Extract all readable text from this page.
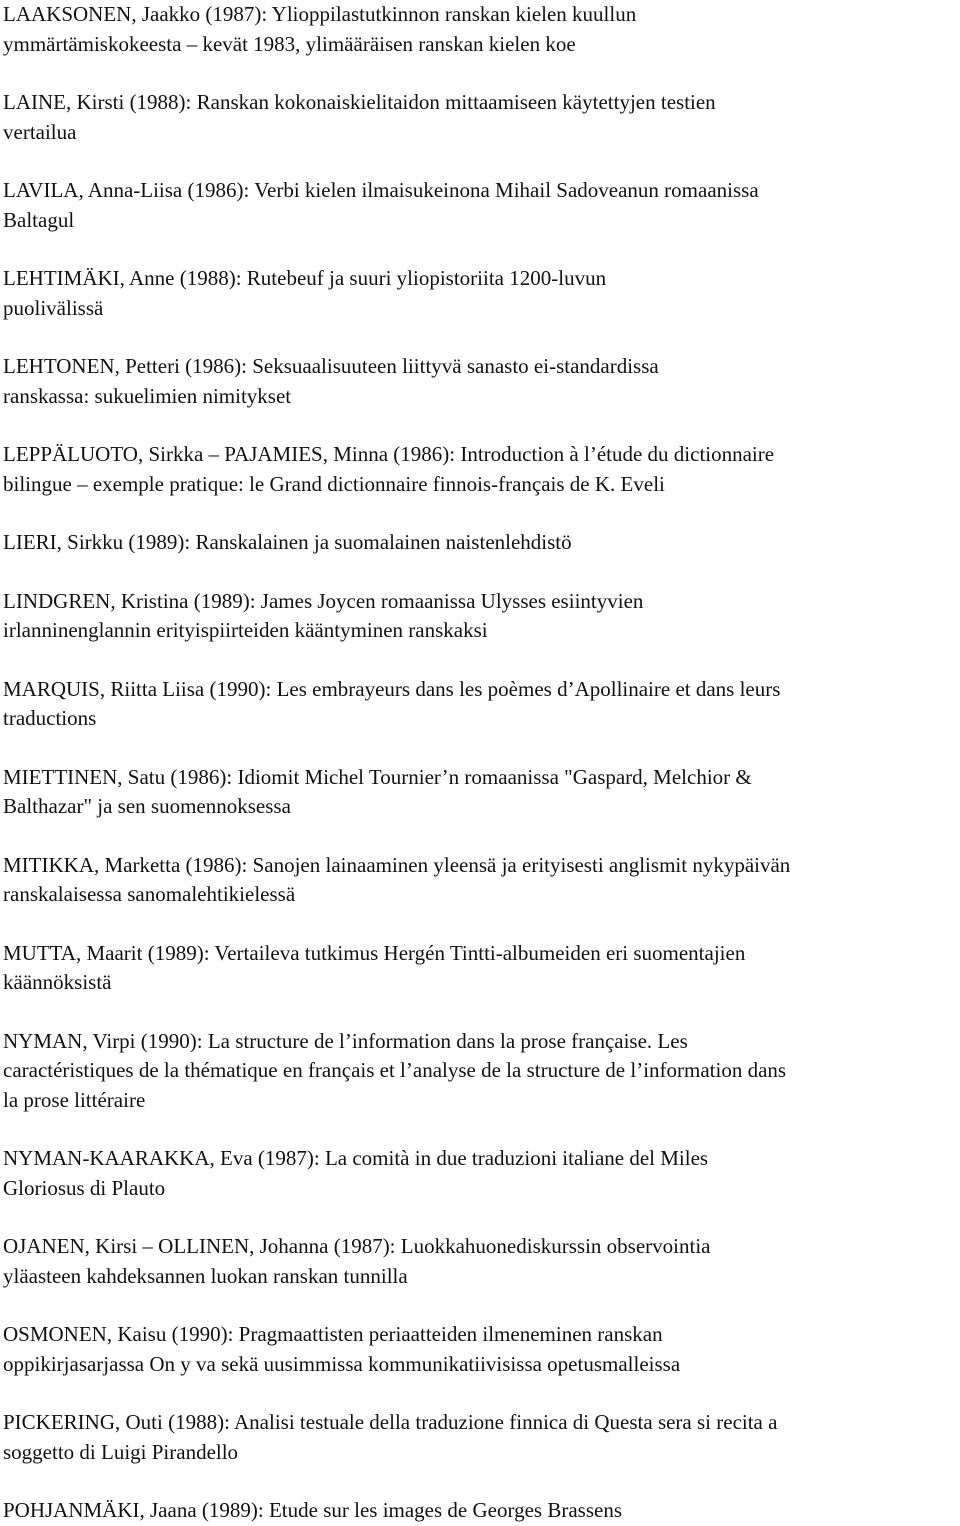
LAAKSONEN, Jaakko (1987): Ylioppilastutkinnon ranskan kielen kuullun
ymmärtämiskokeesta – kevät 1983, ylimääräisen ranskan kielen koe

LAINE, Kirsti (1988): Ranskan kokonaiskielitaidon mittaamiseen käytettyjen testien
vertailua

LAVILA, Anna-Liisa (1986): Verbi kielen ilmaisukeinona Mihail Sadoveanun romaanissa
Baltagul

LEHTIMÄKI, Anne (1988): Rutebeuf ja suuri yliopistoriita 1200-luvun
puolivälissä

LEHTONEN, Petteri (1986): Seksuaalisuuteen liittyvä sanasto ei-standardissa
ranskassa: sukuelimien nimitykset

LEPPÄLUOTO, Sirkka – PAJAMIES, Minna (1986): Introduction à l’étude du dictionnaire
bilingue – exemple pratique: le Grand dictionnaire finnois-français de K. Eveli

LIERI, Sirkku (1989): Ranskalainen ja suomalainen naistenlehdistö

LINDGREN, Kristina (1989): James Joycen romaanissa Ulysses esiintyvien
irlanninenglannin erityispiirteiden kääntyminen ranskaksi

MARQUIS, Riitta Liisa (1990): Les embrayeurs dans les poèmes d’Apollinaire et dans leurs
traductions

MIETTINEN, Satu (1986): Idiomit Michel Tournier’n romaanissa "Gaspard, Melchior &
Balthazar" ja sen suomennoksessa

MITIKKA, Marketta (1986): Sanojen lainaaminen yleensä ja erityisesti anglismit nykypäivän
ranskalaisessa sanomalehtikielessä

MUTTA, Maarit (1989): Vertaileva tutkimus Hergén Tintti-albumeiden eri suomentajien
käännöksistä

NYMAN, Virpi (1990): La structure de l’information dans la prose française. Les
caractéristiques de la thématique en français et l’analyse de la structure de l’information dans
la prose littéraire

NYMAN-KAARAKKA, Eva (1987): La comità in due traduzioni italiane del Miles
Gloriosus di Plauto

OJANEN, Kirsi – OLLINEN, Johanna (1987): Luokkahuonediskurssin observointia
yläasteen kahdeksannen luokan ranskan tunnilla

OSMONEN, Kaisu (1990): Pragmaattisten periaatteiden ilmeneminen ranskan
oppikirjasarjassa On y va sekä uusimmissa kommunikatiivisissa opetusmalleissa

PICKERING, Outi (1988): Analisi testuale della traduzione finnica di Questa sera si recita a
soggetto di Luigi Pirandello

POHJANMÄKI, Jaana (1989): Etude sur les images de Georges Brassens
